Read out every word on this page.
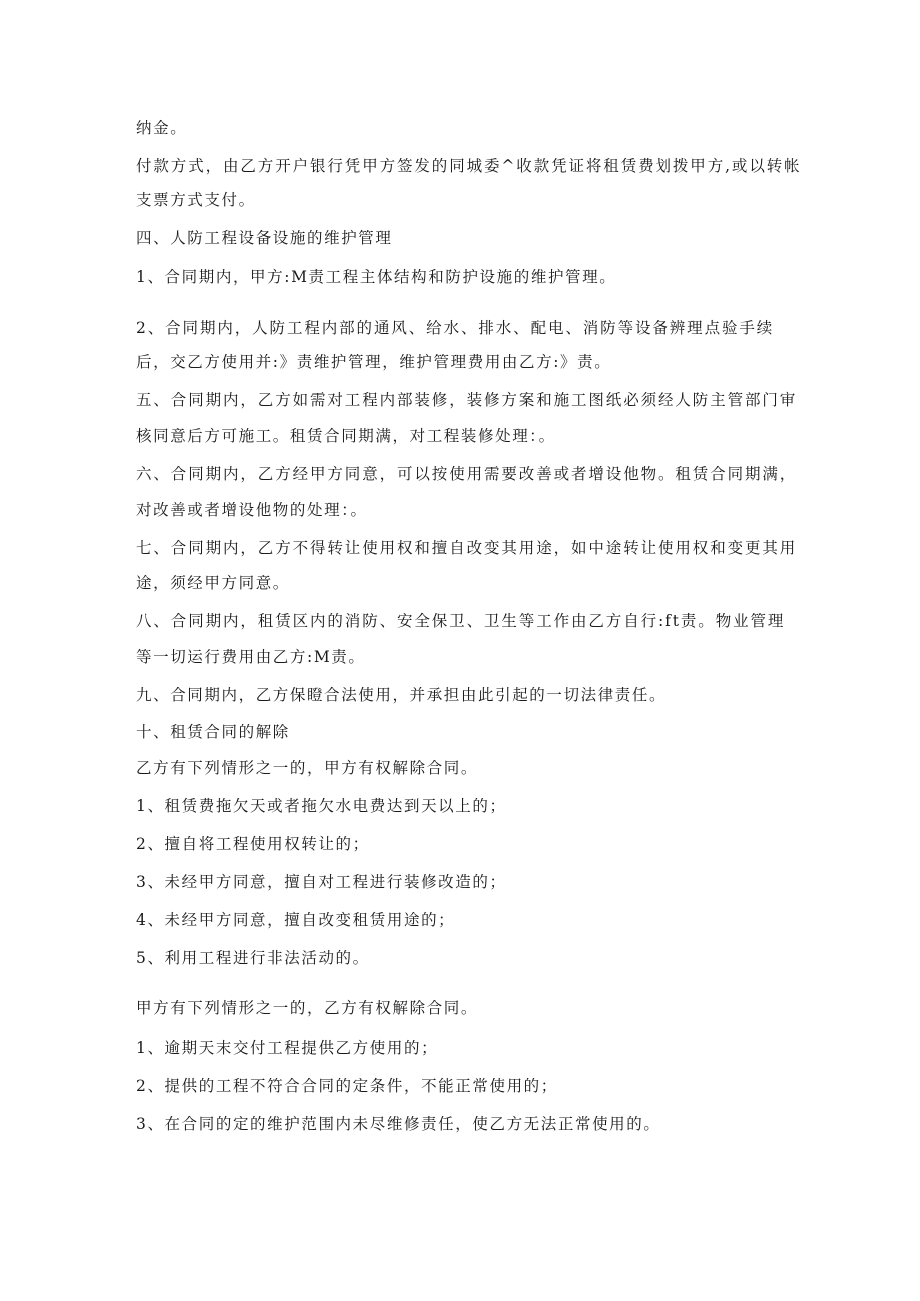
纳金。
付款方式，由乙方开户银行凭甲方签发的同城委^收款凭证将租赁费划拨甲方,或以转帐
支票方式支付。
四、人防工程设备设施的维护管理
1、合同期内，甲方:M责工程主体结构和防护设施的维护管理。
2、合同期内，人防工程内部的通风、给水、排水、配电、消防等设备辨理点验手续
后，交乙方使用并:》责维护管理，维护管理费用由乙方:》责。
五、合同期内，乙方如需对工程内部装修，装修方案和施工图纸必须经人防主管部门审
核同意后方可施工。租赁合同期满，对工程装修处理：。
六、合同期内，乙方经甲方同意，可以按使用需要改善或者增设他物。租赁合同期满，
对改善或者增设他物的处理：。
七、合同期内，乙方不得转让使用权和擅自改变其用途，如中途转让使用权和变更其用
途，须经甲方同意。
八、合同期内，租赁区内的消防、安全保卫、卫生等工作由乙方自行:ft责。物业管理
等一切运行费用由乙方:M责。
九、合同期内，乙方保瞪合法使用，并承担由此引起的一切法律责任。
十、租赁合同的解除
乙方有下列情形之一的，甲方有权解除合同。
1、租赁费拖欠天或者拖欠水电费达到天以上的；
2、擅自将工程使用权转让的；
3、未经甲方同意，擅自对工程进行装修改造的；
4、未经甲方同意，擅自改变租赁用途的；
5、利用工程进行非法活动的。
甲方有下列情形之一的，乙方有权解除合同。
1、逾期天末交付工程提供乙方使用的；
2、提供的工程不符合合同的定条件，不能正常使用的；
3、在合同的定的维护范围内未尽维修责任，使乙方无法正常使用的。
